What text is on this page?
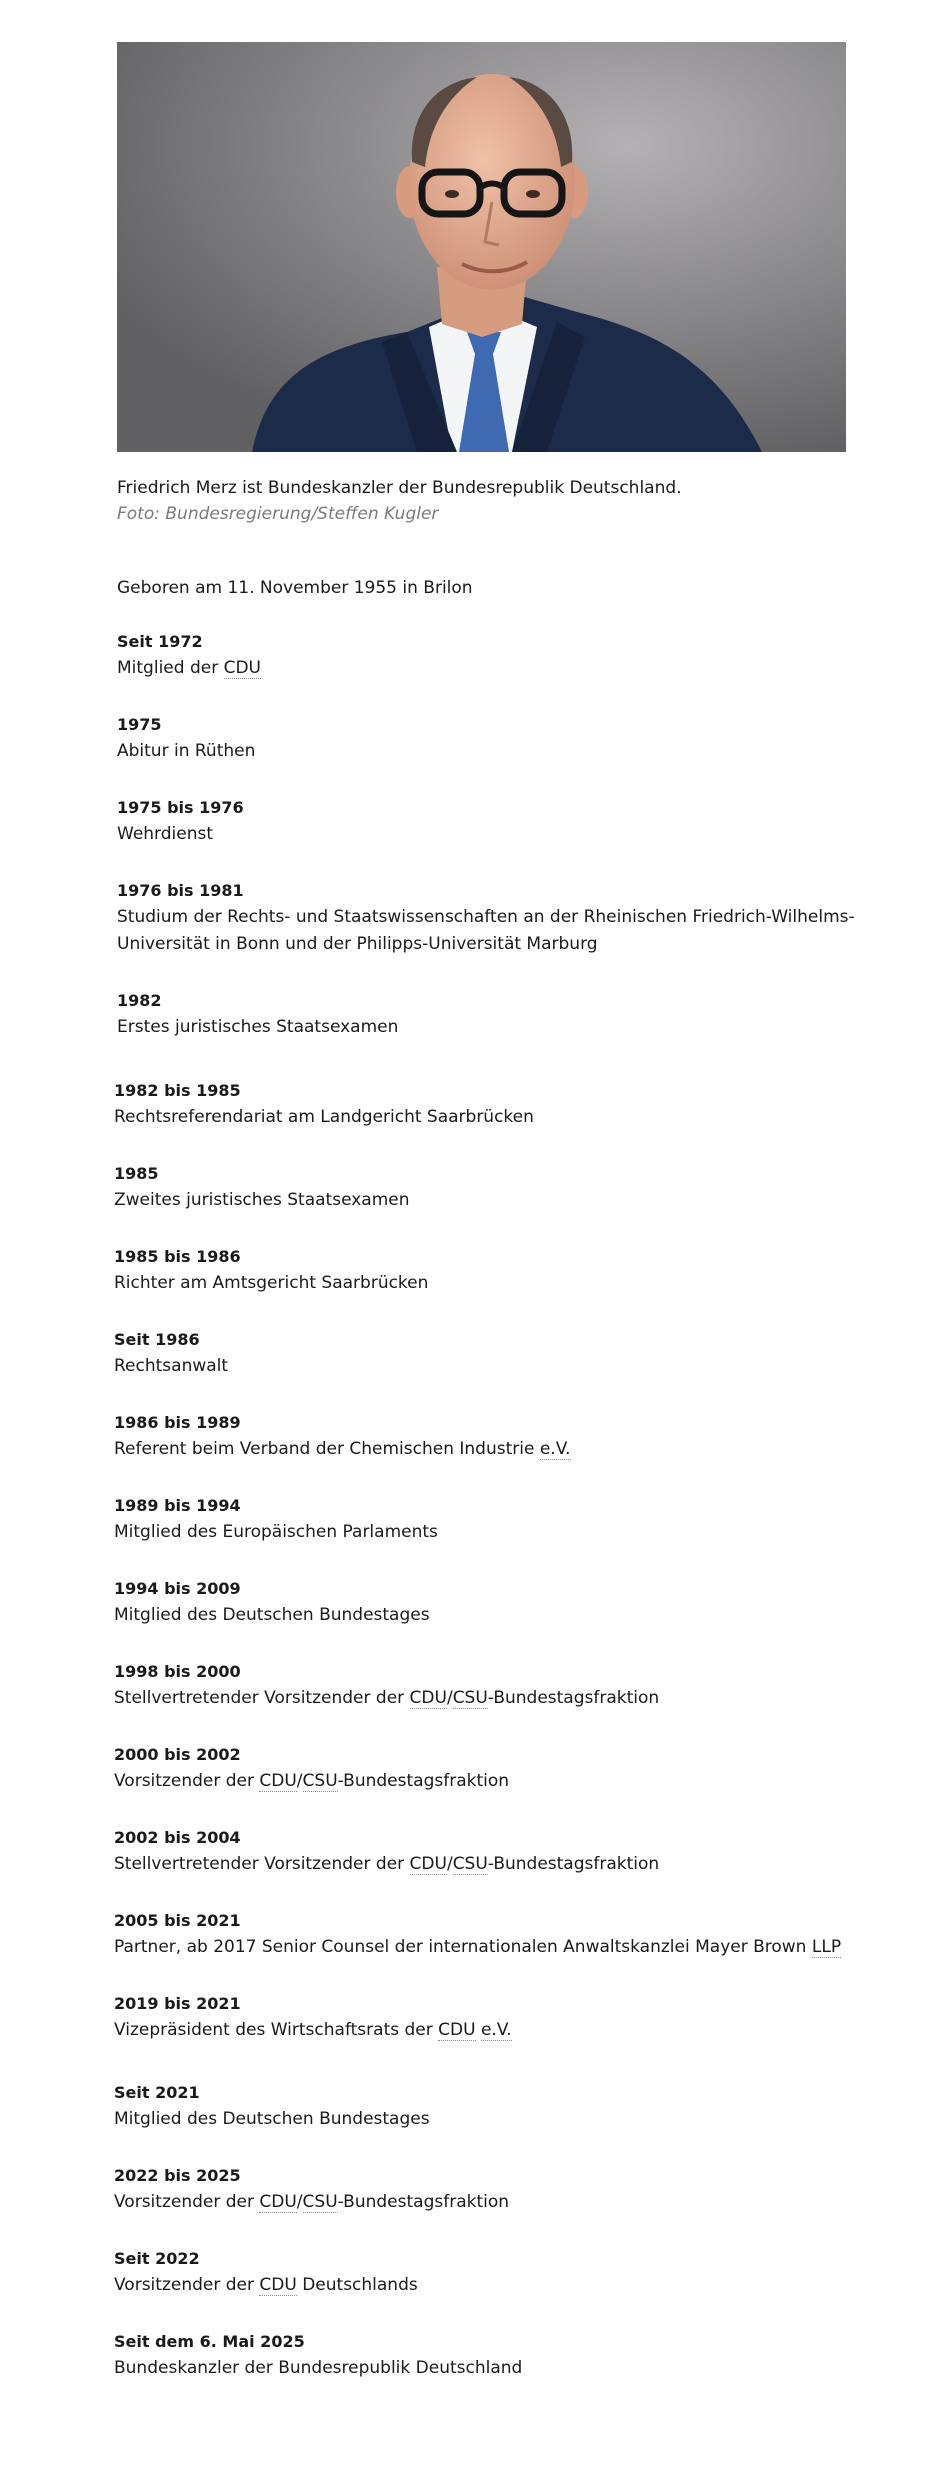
Friedrich Merz ist Bundeskanzler der Bundesrepublik Deutschland.
Foto: Bundesregierung/Steffen Kugler
Geboren am 11. November 1955 in Brilon
Seit 1972
Mitglied der CDU
1975
Abitur in Rüthen
1975 bis 1976
Wehrdienst
1976 bis 1981
Studium der Rechts- und Staatswissenschaften an der Rheinischen Friedrich-Wilhelms-Universität in Bonn und der Philipps-Universität Marburg
1982
Erstes juristisches Staatsexamen
1982 bis 1985
Rechtsreferendariat am Landgericht Saarbrücken
1985
Zweites juristisches Staatsexamen
1985 bis 1986
Richter am Amtsgericht Saarbrücken
Seit 1986
Rechtsanwalt
1986 bis 1989
Referent beim Verband der Chemischen Industrie e.V.
1989 bis 1994
Mitglied des Europäischen Parlaments
1994 bis 2009
Mitglied des Deutschen Bundestages
1998 bis 2000
Stellvertretender Vorsitzender der CDU/CSU-Bundestagsfraktion
2000 bis 2002
Vorsitzender der CDU/CSU-Bundestagsfraktion
2002 bis 2004
Stellvertretender Vorsitzender der CDU/CSU-Bundestagsfraktion
2005 bis 2021
Partner, ab 2017 Senior Counsel der internationalen Anwaltskanzlei Mayer Brown LLP
2019 bis 2021
Vizepräsident des Wirtschaftsrats der CDU e.V.
Seit 2021
Mitglied des Deutschen Bundestages
2022 bis 2025
Vorsitzender der CDU/CSU-Bundestagsfraktion
Seit 2022
Vorsitzender der CDU Deutschlands
Seit dem 6. Mai 2025
Bundeskanzler der Bundesrepublik Deutschland
